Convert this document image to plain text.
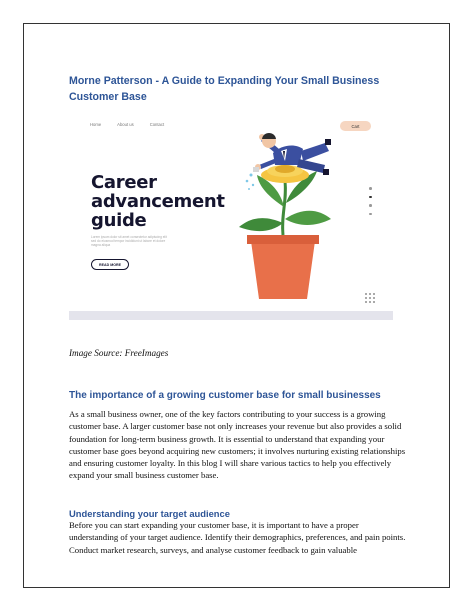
Morne Patterson - A Guide to Expanding Your Small Business Customer Base
Home	About us	Contact	Cart
Career
advancement
guide
Lorem ipsum dolor sit amet consectetur adipiscing elit sed do eiusmod tempor incididunt ut labore et dolore magna aliqua
READ MORE

Image Source: FreeImages

The importance of a growing customer base for small businesses

As a small business owner, one of the key factors contributing to your success is a growing customer base. A larger customer base not only increases your revenue but also provides a solid foundation for long-term business growth. It is essential to understand that expanding your customer base goes beyond acquiring new customers; it involves nurturing existing relationships and ensuring customer loyalty. In this blog I will share various tactics to help you effectively expand your small business customer base.

Understanding your target audience

Before you can start expanding your customer base, it is important to have a proper understanding of your target audience. Identify their demographics, preferences, and pain points. Conduct market research, surveys, and analyse customer feedback to gain valuable
